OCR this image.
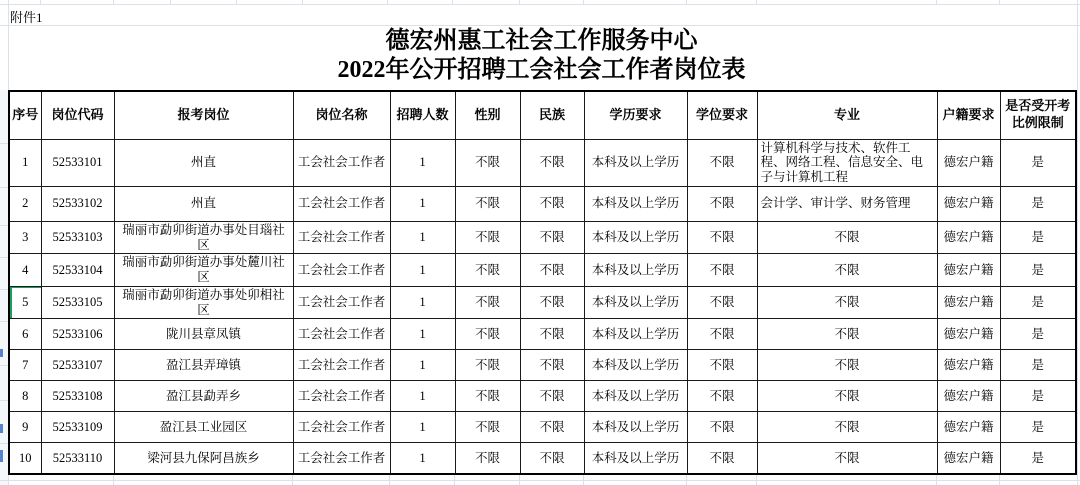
附件1
德宏州惠工社会工作服务中心
2022年公开招聘工会社会工作者岗位表
序号	岗位代码	报考岗位	岗位名称	招聘人数	性别	民族	学历要求	学位要求	专业	户籍要求	是否受开考比例限制
1	52533101	州直	工会社会工作者	1	不限	不限	本科及以上学历	不限	计算机科学与技术、软件工程、网络工程、信息安全、电子与计算机工程	德宏户籍	是
2	52533102	州直	工会社会工作者	1	不限	不限	本科及以上学历	不限	会计学、审计学、财务管理	德宏户籍	是
3	52533103	瑞丽市勐卯街道办事处目瑙社区	工会社会工作者	1	不限	不限	本科及以上学历	不限	不限	德宏户籍	是
4	52533104	瑞丽市勐卯街道办事处麓川社区	工会社会工作者	1	不限	不限	本科及以上学历	不限	不限	德宏户籍	是
5	52533105	瑞丽市勐卯街道办事处卯相社区	工会社会工作者	1	不限	不限	本科及以上学历	不限	不限	德宏户籍	是
6	52533106	陇川县章凤镇	工会社会工作者	1	不限	不限	本科及以上学历	不限	不限	德宏户籍	是
7	52533107	盈江县弄璋镇	工会社会工作者	1	不限	不限	本科及以上学历	不限	不限	德宏户籍	是
8	52533108	盈江县勐弄乡	工会社会工作者	1	不限	不限	本科及以上学历	不限	不限	德宏户籍	是
9	52533109	盈江县工业园区	工会社会工作者	1	不限	不限	本科及以上学历	不限	不限	德宏户籍	是
10	52533110	梁河县九保阿昌族乡	工会社会工作者	1	不限	不限	本科及以上学历	不限	不限	德宏户籍	是
